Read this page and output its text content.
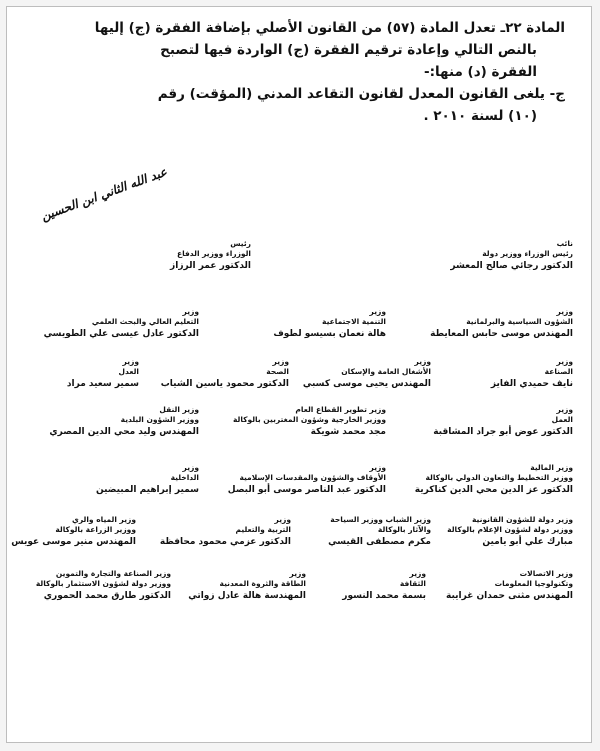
المادة ٢٢ـ تعدل المادة (٥٧) من القانون الأصلي بإضافة الفقرة (ج) إليها
بالنص التالي وإعادة ترقيم الفقرة (ج) الواردة فيها لتصبح
الفقرة (د) منها:-
ج- يلغى القانون المعدل لقانون التقاعد المدني (المؤقت) رقم
(١٠) لسنة ٢٠١٠ .
عبد الله الثاني ابن الحسين
نائب
رئيس الوزراء ووزير دولة
الدكتور رجائي صالح المعشر
رئيس
الوزراء ووزير الدفاع
الدكتور عمر الرزاز
وزير
الشؤون السياسية والبرلمانية
المهندس موسى حابس المعايطة
وزير
التنمية الاجتماعية
هالة نعمان بسيسو لطوف
وزير
التعليم العالي والبحث العلمي
الدكتور عادل عيسى علي الطويسي
وزير
الصناعة
نايف حميدي الفايز
وزير
الأشغال العامة والإسكان
المهندس يحيى موسى كسبي
وزير
الصحة
الدكتور محمود ياسين الشياب
وزير
العدل
سمير سعيد مراد
وزير
العمل
الدكتور عوض أبو جراد المشاقبة
وزير تطوير القطاع العام
ووزير الخارجية وشؤون المغتربين بالوكالة
مجد محمد شويكة
وزير النقل
ووزير الشؤون البلدية
المهندس وليد محي الدين المصري
وزير المالية
ووزير التخطيط والتعاون الدولي بالوكالة
الدكتور عز الدين محي الدين كناكرية
وزير
الأوقاف والشؤون والمقدسات الإسلامية
الدكتور عبد الناصر موسى أبو البصل
وزير
الداخلية
سمير إبراهيم المبيضين
وزير دولة للشؤون القانونية
ووزير دولة لشؤون الإعلام بالوكالة
مبارك علي أبو يامين
وزير الشباب ووزير السياحة
والآثار بالوكالة
مكرم مصطفى القيسي
وزير
التربية والتعليم
الدكتور عزمي محمود محافظة
وزير المياه والري
ووزير الزراعة بالوكالة
المهندس منير موسى عويس
وزير الاتصالات
وتكنولوجيا المعلومات
المهندس مثنى حمدان غرايبة
وزير
الثقافة
بسمة محمد النسور
وزير
الطاقة والثروة المعدنية
المهندسة هالة عادل زواتي
وزير الصناعة والتجارة والتموين
ووزير دولة لشؤون الاستثمار بالوكالة
الدكتور طارق محمد الحموري
